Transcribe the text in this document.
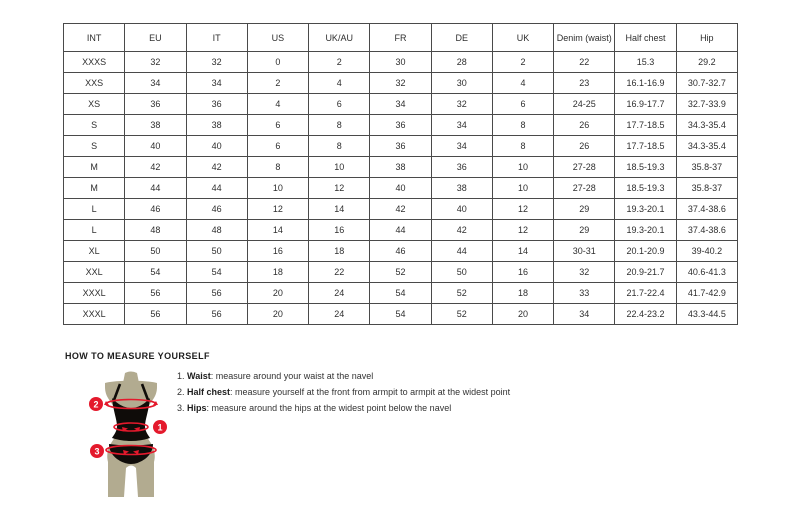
INT	EU	IT	US	UK/AU	FR	DE	UK	Denim (waist)	Half chest	Hip
XXXS	32	32	0	2	30	28	2	22	15.3	29.2
XXS	34	34	2	4	32	30	4	23	16.1-16.9	30.7-32.7
XS	36	36	4	6	34	32	6	24-25	16.9-17.7	32.7-33.9
S	38	38	6	8	36	34	8	26	17.7-18.5	34.3-35.4
S	40	40	6	8	36	34	8	26	17.7-18.5	34.3-35.4
M	42	42	8	10	38	36	10	27-28	18.5-19.3	35.8-37
M	44	44	10	12	40	38	10	27-28	18.5-19.3	35.8-37
L	46	46	12	14	42	40	12	29	19.3-20.1	37.4-38.6
L	48	48	14	16	44	42	12	29	19.3-20.1	37.4-38.6
XL	50	50	16	18	46	44	14	30-31	20.1-20.9	39-40.2
XXL	54	54	18	22	52	50	16	32	20.9-21.7	40.6-41.3
XXXL	56	56	20	24	54	52	18	33	21.7-22.4	41.7-42.9
XXXL	56	56	20	24	54	52	20	34	22.4-23.2	43.3-44.5
HOW TO MEASURE YOURSELF
2
1
3
1. Waist: measure around your waist at the navel
2. Half chest: measure yourself at the front from armpit to armpit at the widest point
3. Hips: measure around the hips at the widest point below the navel
